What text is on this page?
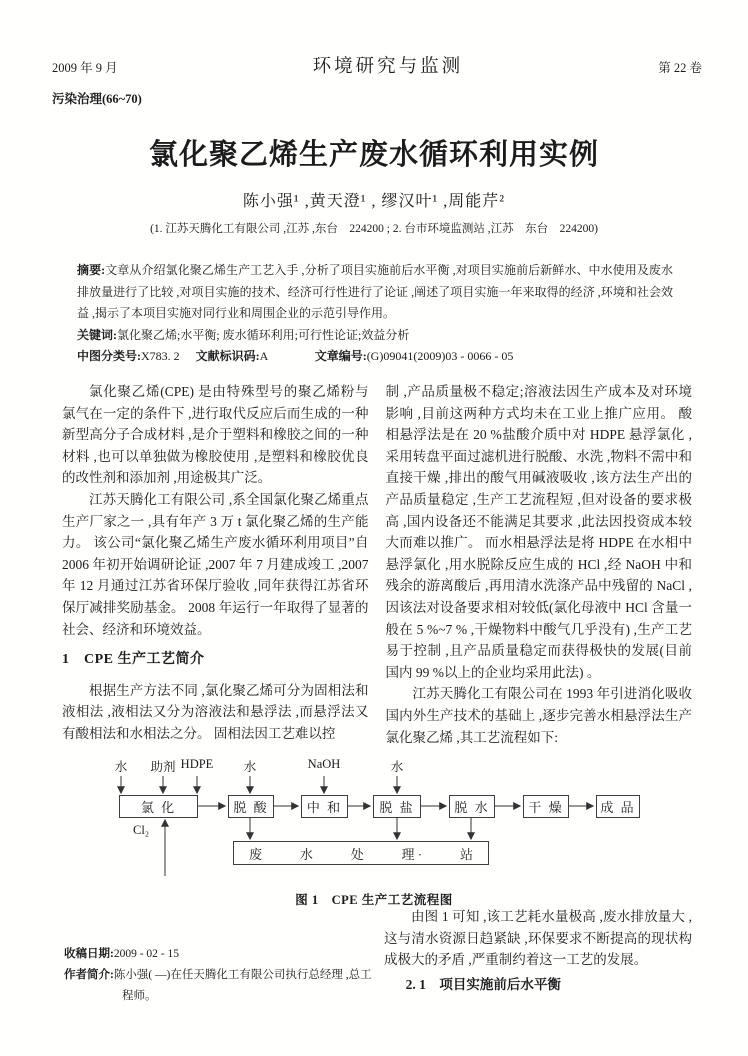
2009 年 9 月	环境研究与监测	第 22 卷
污染治理(66~70)
氯化聚乙烯生产废水循环利用实例
陈小强¹ ,黄天澄¹ , 缪汉叶¹ ,周能芹²
(1. 江苏天腾化工有限公司 ,江苏 ,东台　224200 ; 2. 台市环境监测站 ,江苏　东台　224200)

摘要:文章从介绍氯化聚乙烯生产工艺入手 ,分析了项目实施前后水平衡 ,对项目实施前后新鲜水、中水使用及废水排放量进行了比较 ,对项目实施的技术、经济可行性进行了论证 ,阐述了项目实施一年来取得的经济 ,环境和社会效益 ,揭示了本项目实施对同行业和周围企业的示范引导作用。

关键词:氯化聚乙烯;水平衡; 废水循环利用;可行性论证;效益分析

中图分类号:X783. 2 文献标识码:A	文章编号:(G)09041(2009)03 - 0066 - 05

氯化聚乙烯(CPE) 是由特殊型号的聚乙烯粉与氯气在一定的条件下 ,进行取代反应后而生成的一种新型高分子合成材料 ,是介于塑料和橡胶之间的一种材料 ,也可以单独做为橡胶使用 ,是塑料和橡胶优良的改性剂和添加剂 ,用途极其广泛。

江苏天腾化工有限公司 ,系全国氯化聚乙烯重点生产厂家之一 ,具有年产 3 万 t 氯化聚乙烯的生产能力。 该公司“氯化聚乙烯生产废水循环利用项目”自 2006 年初开始调研论证 ,2007 年 7 月建成竣工 ,2007 年 12 月通过江苏省环保厅验收 ,同年获得江苏省环保厅减排奖励基金。 2008 年运行一年取得了显著的社会、经济和环境效益。

1　CPE 生产工艺简介

根据生产方法不同 ,氯化聚乙烯可分为固相法和液相法 ,液相法又分为溶液法和悬浮法 ,而悬浮法又有酸相法和水相法之分。 固相法因工艺难以控

制 ,产品质量极不稳定;溶液法因生产成本及对环境影响 ,目前这两种方式均未在工业上推广应用。 酸相悬浮法是在 20 %盐酸介质中对 HDPE 悬浮氯化 ,采用转盘平面过滤机进行脱酸、水洗 ,物料不需中和直接干燥 ,排出的酸气用碱液吸收 ,该方法生产出的产品质量稳定 ,生产工艺流程短 ,但对设备的要求极高 ,国内设备还不能满足其要求 ,此法因投资成本较大而难以推广。 而水相悬浮法是将 HDPE 在水相中悬浮氯化 ,用水脱除反应生成的 HCl ,经 NaOH 中和残余的游离酸后 ,再用清水洗涤产品中残留的 NaCl ,因该法对设备要求相对较低(氯化母液中 HCl 含量一般在 5 %~7 % ,干燥物料中酸气几乎没有) ,生产工艺易于控制 ,且产品质量稳定而获得极快的发展(目前国内 99 %以上的企业均采用此法) 。

江苏天腾化工有限公司在 1993 年引进消化吸收国内外生产技术的基础上 ,逐步完善水相悬浮法生产氯化聚乙烯 ,其工艺流程如下:

水 助剂 HDPE 水	NaOH	水
Cl₂
氯 化	脱 酸	中 和	脱 盐	脱 水	干 燥	成 品
废	水	处	理 ·	站
图 1　CPE 生产工艺流程图

收稿日期:2009 - 02 - 15

作者简介:陈小强( —)在任天腾化工有限公司执行总经理 ,总工程师。

由图 1 可知 ,该工艺耗水量极高 ,废水排放量大 ,这与清水资源日趋紧缺 ,环保要求不断提高的现状构成极大的矛盾 ,严重制约着这一工艺的发展。

2. 1　项目实施前后水平衡
